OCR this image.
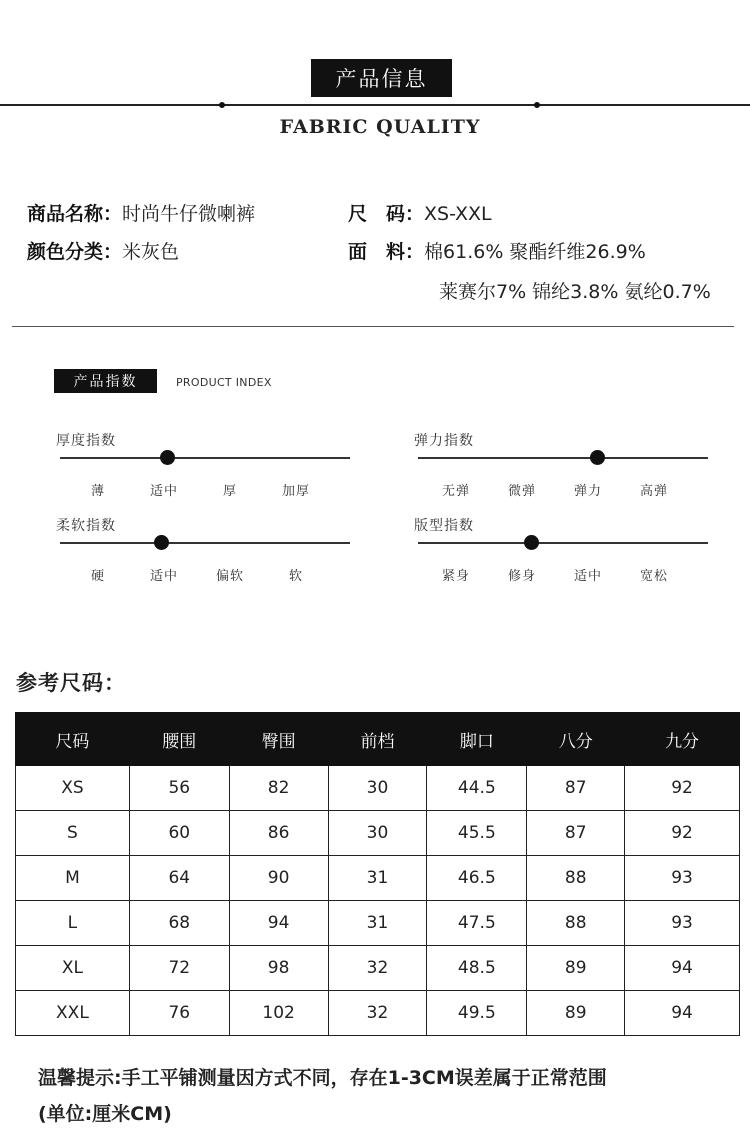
产品信息
FABRIC QUALITY
商品名称：时尚牛仔微喇裤
颜色分类：米灰色
尺　码：XS-XXL
面　料：棉61.6% 聚酯纤维26.9%
莱赛尔7% 锦纶3.8% 氨纶0.7%
产品指数	PRODUCT INDEX
厚度指数
薄	适中	厚	加厚
弹力指数
无弹	微弹	弹力	高弹
柔软指数
硬	适中	偏软	软
版型指数
紧身	修身	适中	宽松
参考尺码：
尺码	腰围	臀围	前档	脚口	八分	九分
XS	56	82	30	44.5	87	92
S	60	86	30	45.5	87	92
M	64	90	31	46.5	88	93
L	68	94	31	47.5	88	93
XL	72	98	32	48.5	89	94
XXL	76	102	32	49.5	89	94
温馨提示:手工平铺测量因方式不同，存在1-3CM误差属于正常范围
(单位:厘米CM)
